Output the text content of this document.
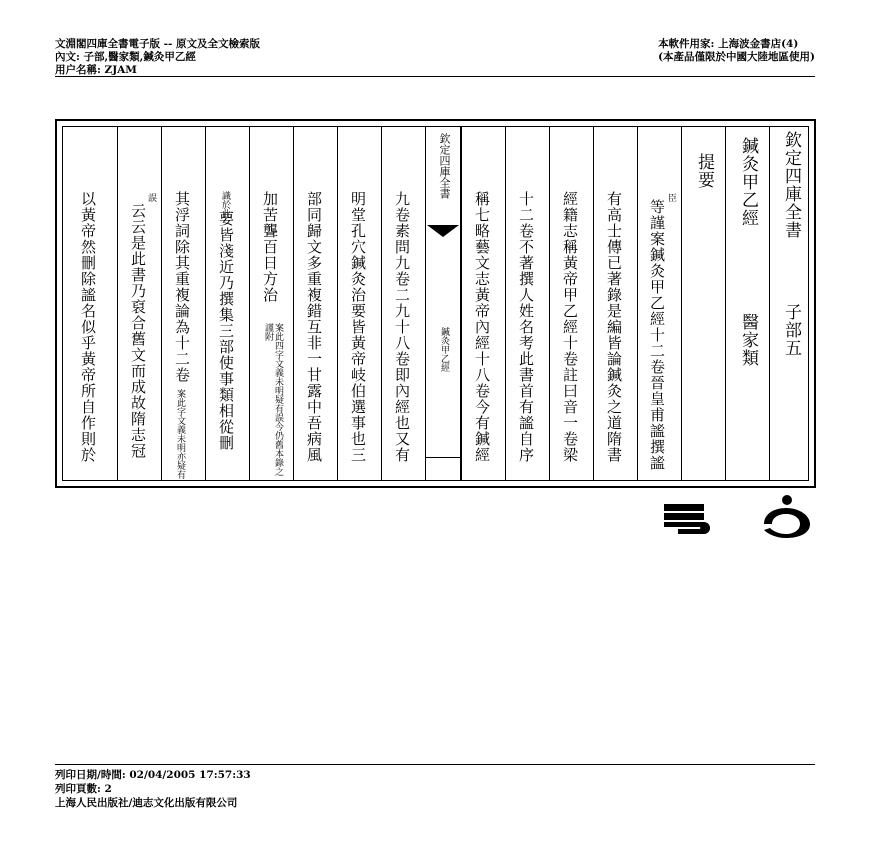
文淵閣四庫全書電子版 -- 原文及全文檢索版
內文: 子部,醫家類,鍼灸甲乙經
用户名稱: ZJAM
本軟件用家: 上海波金書店(4)
(本產品僅限於中國大陸地區使用)
欽定四庫全書
子部五
鍼灸甲乙經
醫家類
提要
臣
等謹案鍼灸甲乙經十二卷晉皇甫謐撰謐
有高士傳已著錄是編皆論鍼灸之道隋書
經籍志稱黃帝甲乙經十卷註曰音一卷梁
十二卷不著撰人姓名考此書首有謐自序
稱七略藝文志黃帝內經十八卷今有鍼經
欽定四庫全書
鍼灸甲乙經
九卷素問九卷二九十八卷即內經也又有
明堂孔穴鍼灸治要皆黃帝岐伯選事也三
部同歸文多重複錯互非一甘露中吾病風
加苦聾百日方治
案此四字文義未明疑有誤今仍舊本錄之謹附
識於此
要皆淺近乃撰集三部使事類相從刪
其浮詞除其重複論為十二卷
案此字文義未明亦疑有
誤
云云是此書乃裒合舊文而成故隋志冠
以黃帝然刪除謐名似乎黃帝所自作則於
列印日期/時間: 02/04/2005 17:57:33
列印頁數: 2
上海人民出版社/迪志文化出版有限公司
